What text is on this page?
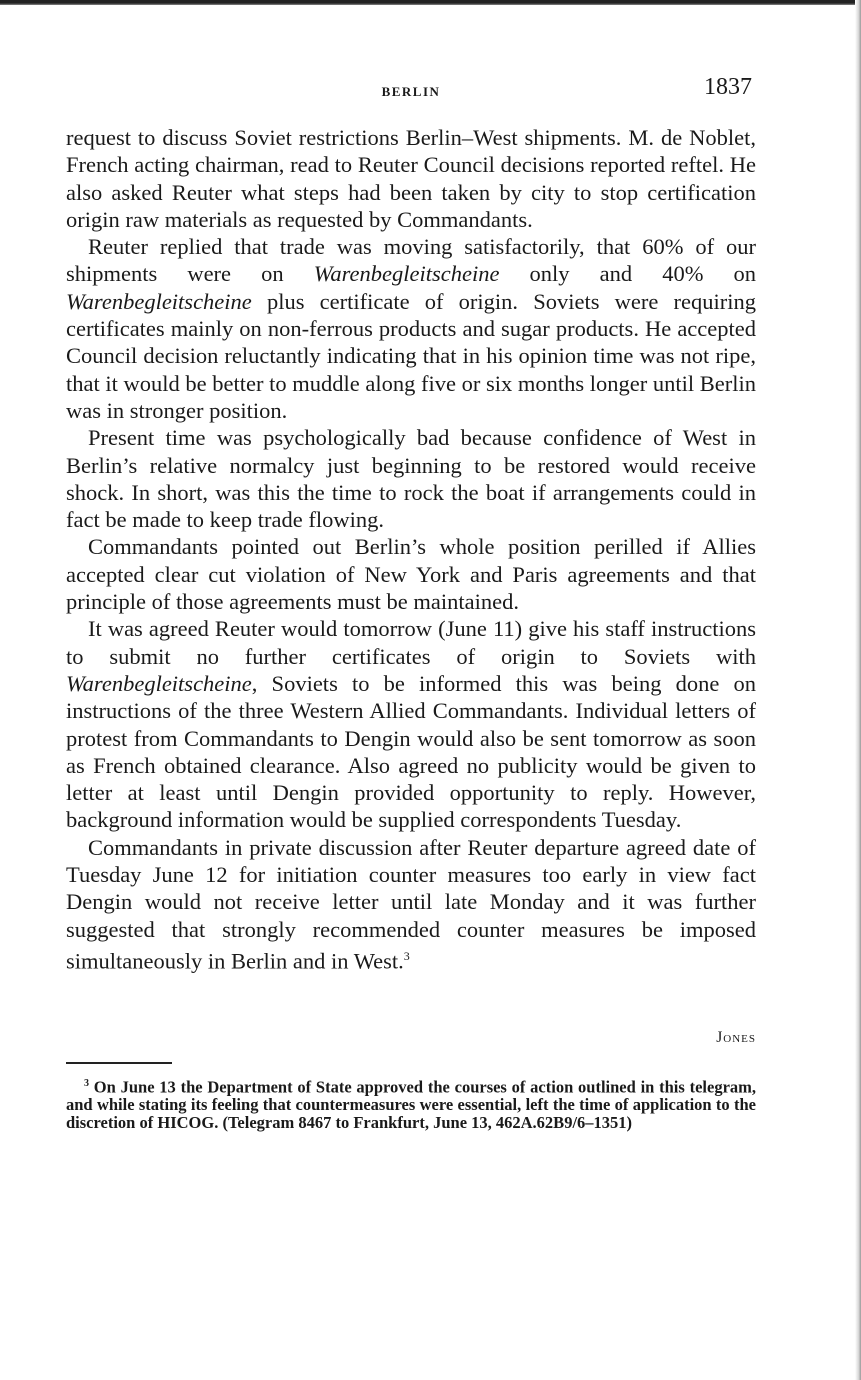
BERLIN	1837

request to discuss Soviet restrictions Berlin–West shipments. M. de Noblet, French acting chairman, read to Reuter Council decisions reported reftel. He also asked Reuter what steps had been taken by city to stop certification origin raw materials as requested by Commandants.

Reuter replied that trade was moving satisfactorily, that 60% of our shipments were on Warenbegleitscheine only and 40% on Warenbegleitscheine plus certificate of origin. Soviets were requiring certificates mainly on non-ferrous products and sugar products. He accepted Council decision reluctantly indicating that in his opinion time was not ripe, that it would be better to muddle along five or six months longer until Berlin was in stronger position.

Present time was psychologically bad because confidence of West in Berlin’s relative normalcy just beginning to be restored would receive shock. In short, was this the time to rock the boat if arrangements could in fact be made to keep trade flowing.

Commandants pointed out Berlin’s whole position perilled if Allies accepted clear cut violation of New York and Paris agreements and that principle of those agreements must be maintained.

It was agreed Reuter would tomorrow (June 11) give his staff instructions to submit no further certificates of origin to Soviets with Warenbegleitscheine, Soviets to be informed this was being done on instructions of the three Western Allied Commandants. Individual letters of protest from Commandants to Dengin would also be sent tomorrow as soon as French obtained clearance. Also agreed no publicity would be given to letter at least until Dengin provided opportunity to reply. However, background information would be supplied correspondents Tuesday.

Commandants in private discussion after Reuter departure agreed date of Tuesday June 12 for initiation counter measures too early in view fact Dengin would not receive letter until late Monday and it was further suggested that strongly recommended counter measures be imposed simultaneously in Berlin and in West.$^3$

Jones

$^3$ On June 13 the Department of State approved the courses of action outlined in this telegram, and while stating its feeling that countermeasures were essential, left the time of application to the discretion of HICOG. (Telegram 8467 to Frankfurt, June 13, 462A.62B9/6–1351)
